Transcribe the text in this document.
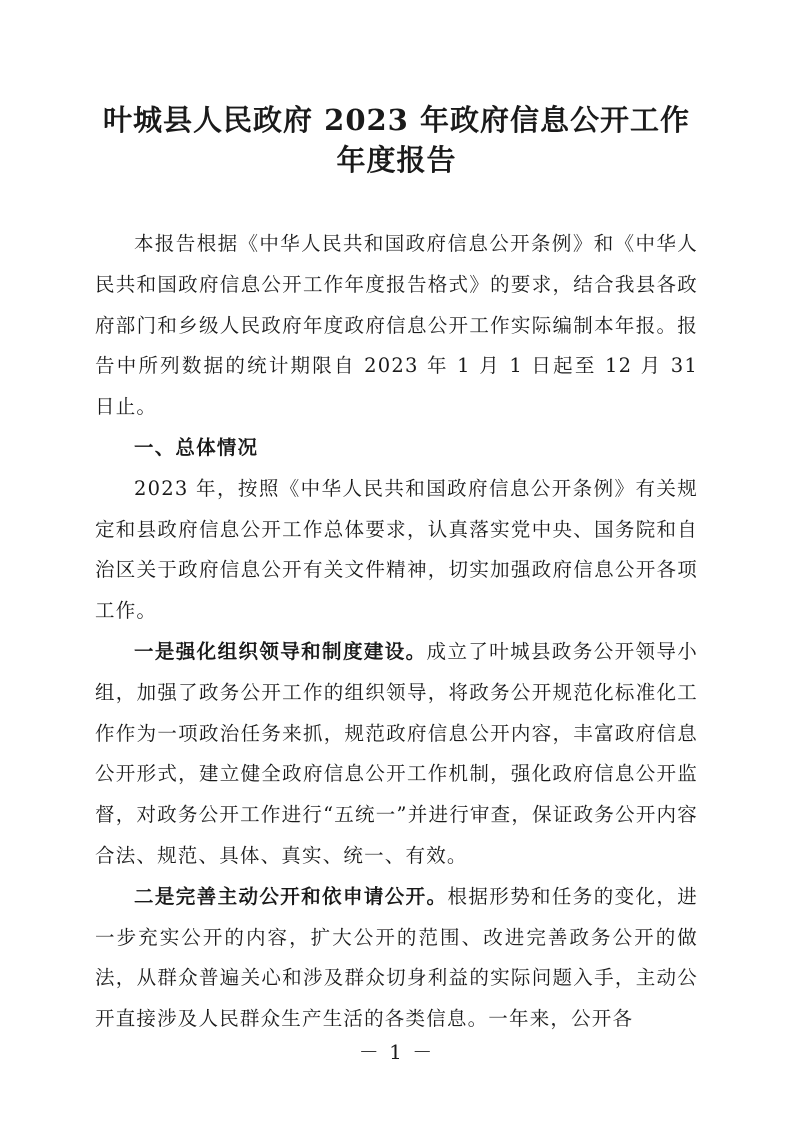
叶城县人民政府 2023 年政府信息公开工作
年度报告

本报告根据《中华人民共和国政府信息公开条例》和《中华人民共和国政府信息公开工作年度报告格式》的要求，结合我县各政府部门和乡级人民政府年度政府信息公开工作实际编制本年报。报告中所列数据的统计期限自 2023 年 1 月 1 日起至 12 月 31 日止。

一、总体情况

2023 年，按照《中华人民共和国政府信息公开条例》有关规定和县政府信息公开工作总体要求，认真落实党中央、国务院和自治区关于政府信息公开有关文件精神，切实加强政府信息公开各项工作。

一是强化组织领导和制度建设。成立了叶城县政务公开领导小组，加强了政务公开工作的组织领导，将政务公开规范化标准化工作作为一项政治任务来抓，规范政府信息公开内容，丰富政府信息公开形式，建立健全政府信息公开工作机制，强化政府信息公开监督，对政务公开工作进行“五统一”并进行审查，保证政务公开内容合法、规范、具体、真实、统一、有效。

二是完善主动公开和依申请公开。根据形势和任务的变化，进一步充实公开的内容，扩大公开的范围、改进完善政务公开的做法，从群众普遍关心和涉及群众切身利益的实际问题入手，主动公开直接涉及人民群众生产生活的各类信息。一年来，公开各

－ 1 －
